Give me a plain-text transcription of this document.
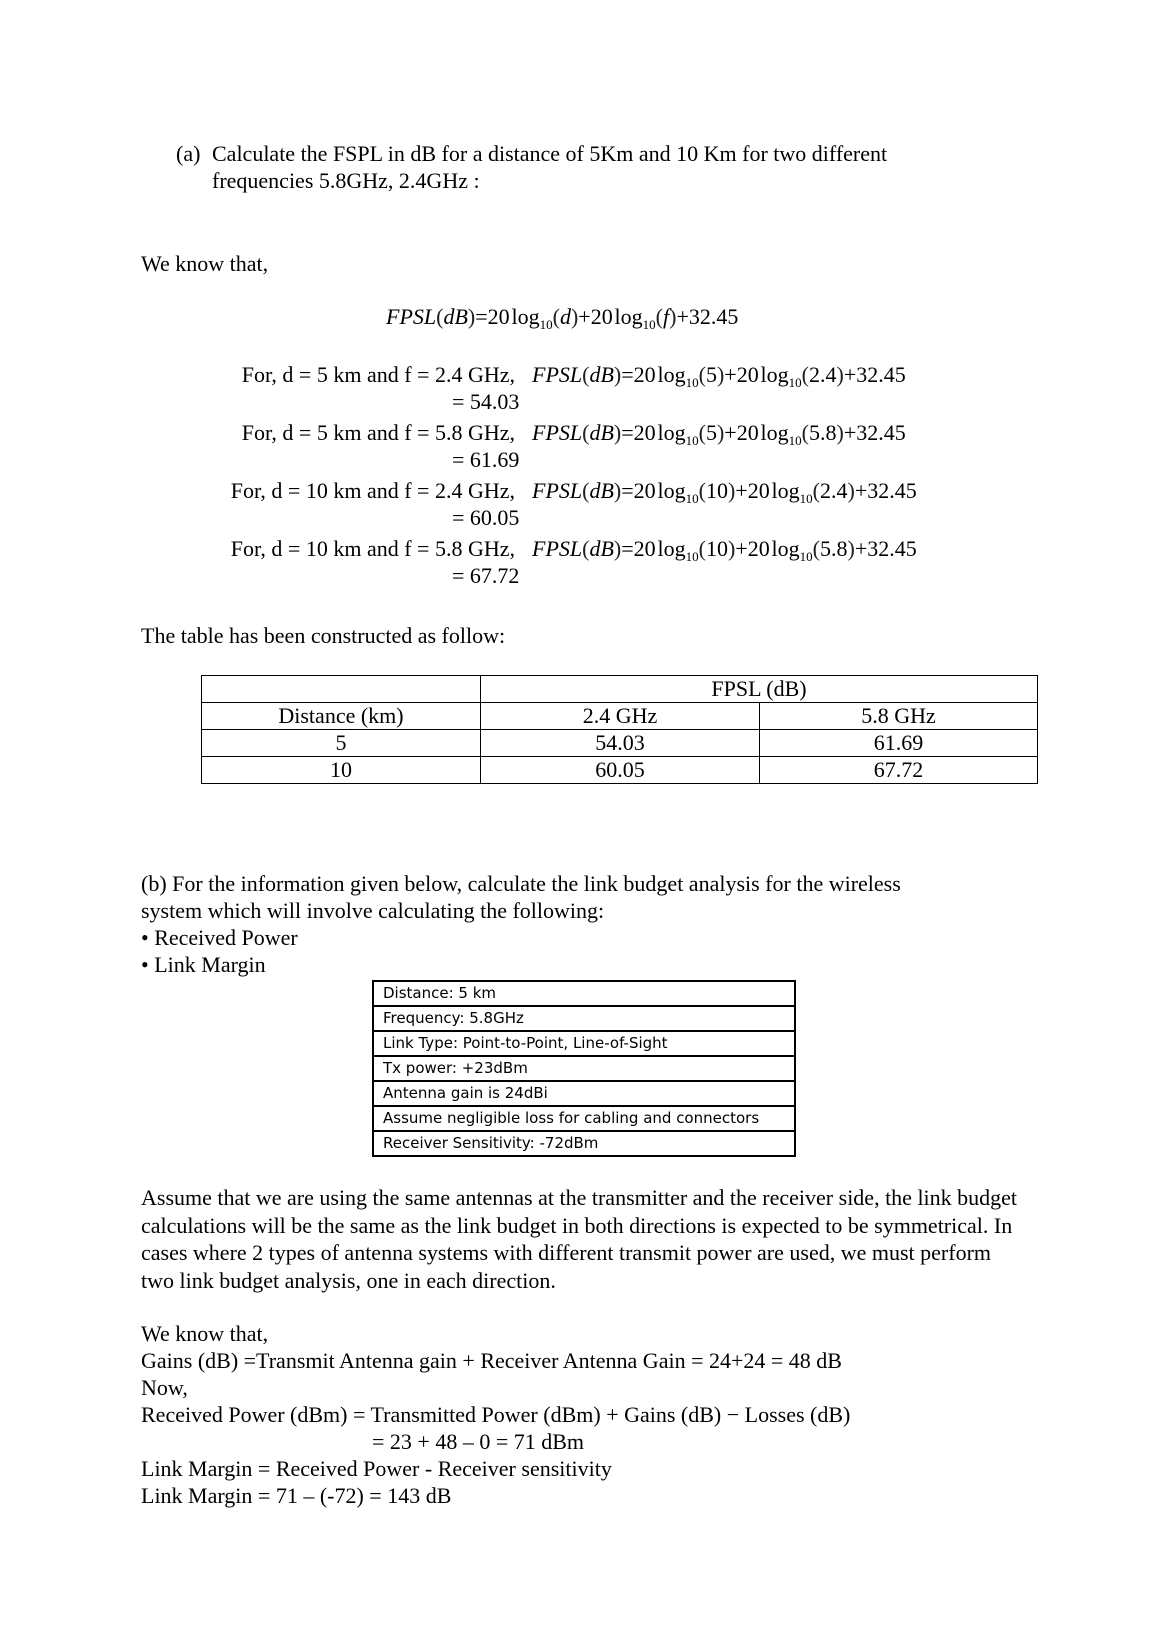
(a) Calculate the FSPL in dB for a distance of 5Km and 10 Km for two different
frequencies 5.8GHz, 2.4GHz :
We know that,
FPSL(dB)=20 $\log_{10}(d)+20$ $\log_{10}(f)+32.45$
For, d = 5 km and f = 2.4 GHz, FPSL(dB)=20 $\log_{10}(5)+20$ $\log_{10}(2.4)+32.45$
= 54.03
For, d = 5 km and f = 5.8 GHz, FPSL(dB)=20 $\log_{10}(5)+20$ $\log_{10}(5.8)+32.45$
= 61.69
For, d = 10 km and f = 2.4 GHz, FPSL(dB)=20 $\log_{10}(10)+20$ $\log_{10}(2.4)+32.45$
= 60.05
For, d = 10 km and f = 5.8 GHz, FPSL(dB)=20 $\log_{10}(10)+20$ $\log_{10}(5.8)+32.45$
= 67.72
The table has been constructed as follow:
	FPSL (dB)	
Distance (km)	2.4 GHz	5.8 GHz
5	54.03	61.69
10	60.05	67.72
(b) For the information given below, calculate the link budget analysis for the wireless
system which will involve calculating the following:
• Received Power
• Link Margin
Distance: 5 km
Frequency: 5.8GHz
Link Type: Point-to-Point, Line-of-Sight
Tx power: +23dBm
Antenna gain is 24dBi
Assume negligible loss for cabling and connectors
Receiver Sensitivity: -72dBm
Assume that we are using the same antennas at the transmitter and the receiver side, the link budget calculations will be the same as the link budget in both directions is expected to be symmetrical. In cases where 2 types of antenna systems with different transmit power are used, we must perform two link budget analysis, one in each direction.
We know that,
Gains (dB) =Transmit Antenna gain + Receiver Antenna Gain = 24+24 = 48 dB
Now,
Received Power (dBm) = Transmitted Power (dBm) + Gains (dB) − Losses (dB)
= 23 + 48 – 0 = 71 dBm
Link Margin = Received Power - Receiver sensitivity
Link Margin = 71 – (-72) = 143 dB
